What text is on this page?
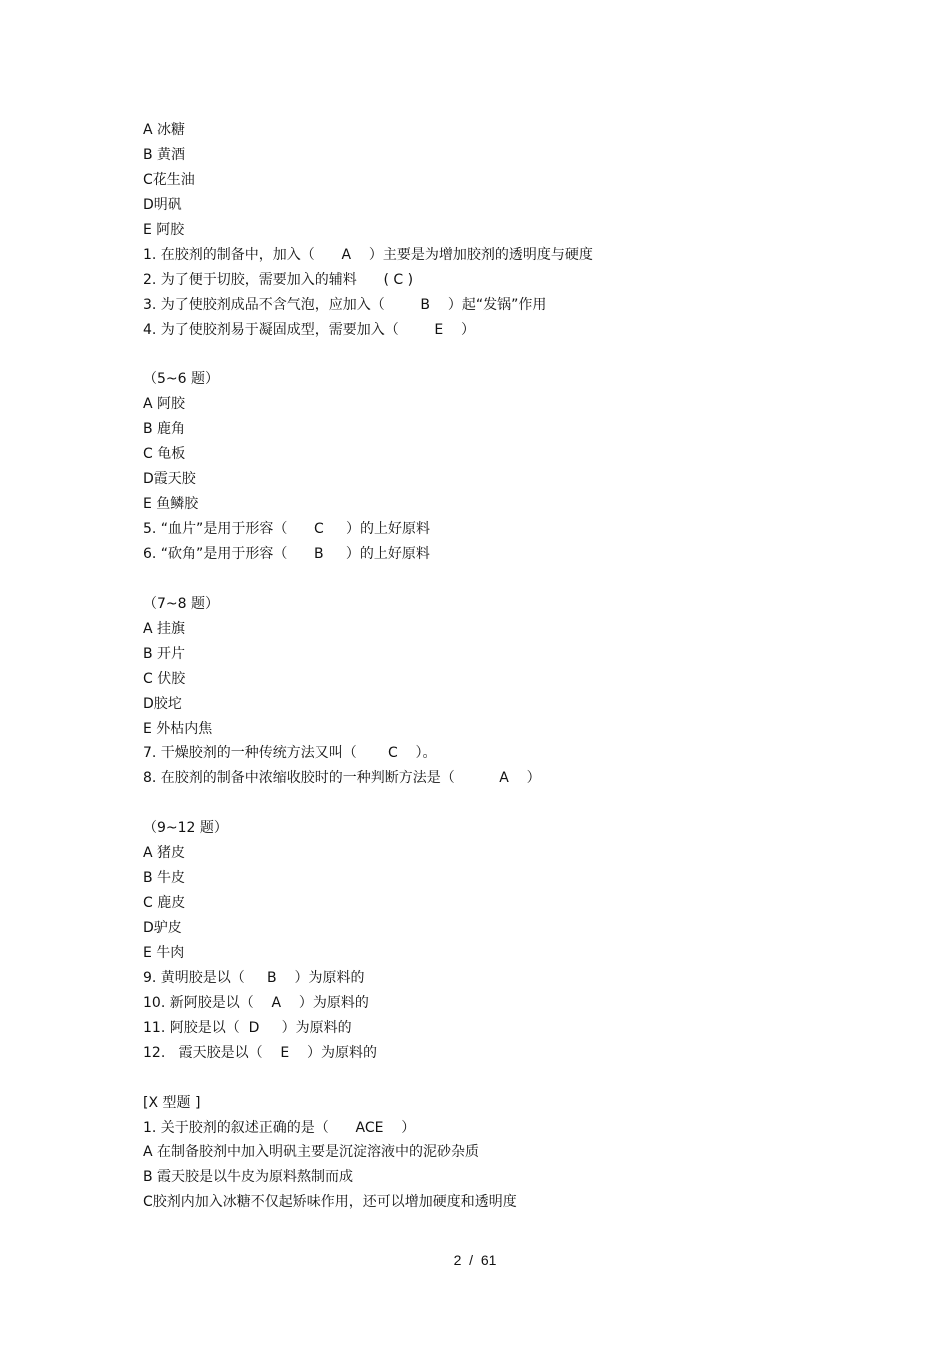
A 冰糖
B 黄酒
C花生油
D明矾
E 阿胶
1. 在胶剂的制备中，加入（      A    ）主要是为增加胶剂的透明度与硬度
2. 为了便于切胶，需要加入的辅料      ( C )
3. 为了使胶剂成品不含气泡，应加入（        B    ）起“发锅”作用
4. 为了使胶剂易于凝固成型，需要加入（        E    ）
（5~6 题）
A 阿胶
B 鹿角
C 龟板
D霞天胶
E 鱼鳞胶
5. “血片”是用于形容（      C     ）的上好原料
6. “砍角”是用于形容（      B     ）的上好原料
（7~8 题）
A 挂旗
B 开片
C 伏胶
D胶坨
E 外枯内焦
7. 干燥胶剂的一种传统方法又叫（       C    ）。
8. 在胶剂的制备中浓缩收胶时的一种判断方法是（          A    ）
（9~12 题）
A 猪皮
B 牛皮
C 鹿皮
D驴皮
E 牛肉
9. 黄明胶是以（     B    ）为原料的
10. 新阿胶是以（    A    ）为原料的
11. 阿胶是以（  D     ）为原料的
12.   霞天胶是以（    E    ）为原料的
[X 型题 ]
1. 关于胶剂的叙述正确的是（      ACE    ）
A 在制备胶剂中加入明矾主要是沉淀溶液中的泥砂杂质
B 霞天胶是以牛皮为原料熬制而成
C胶剂内加入冰糖不仅起矫味作用，还可以增加硬度和透明度
2  /  61
